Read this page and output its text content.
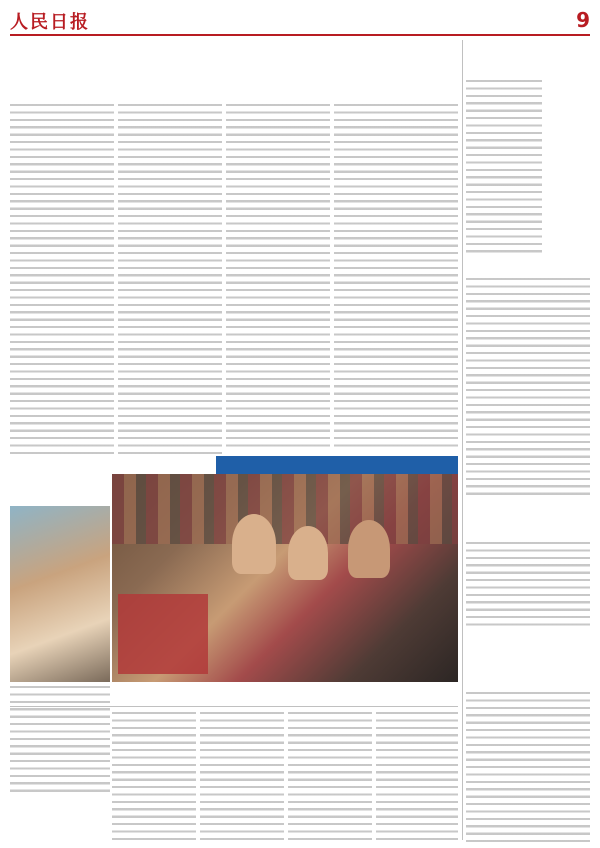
人民日报	9
